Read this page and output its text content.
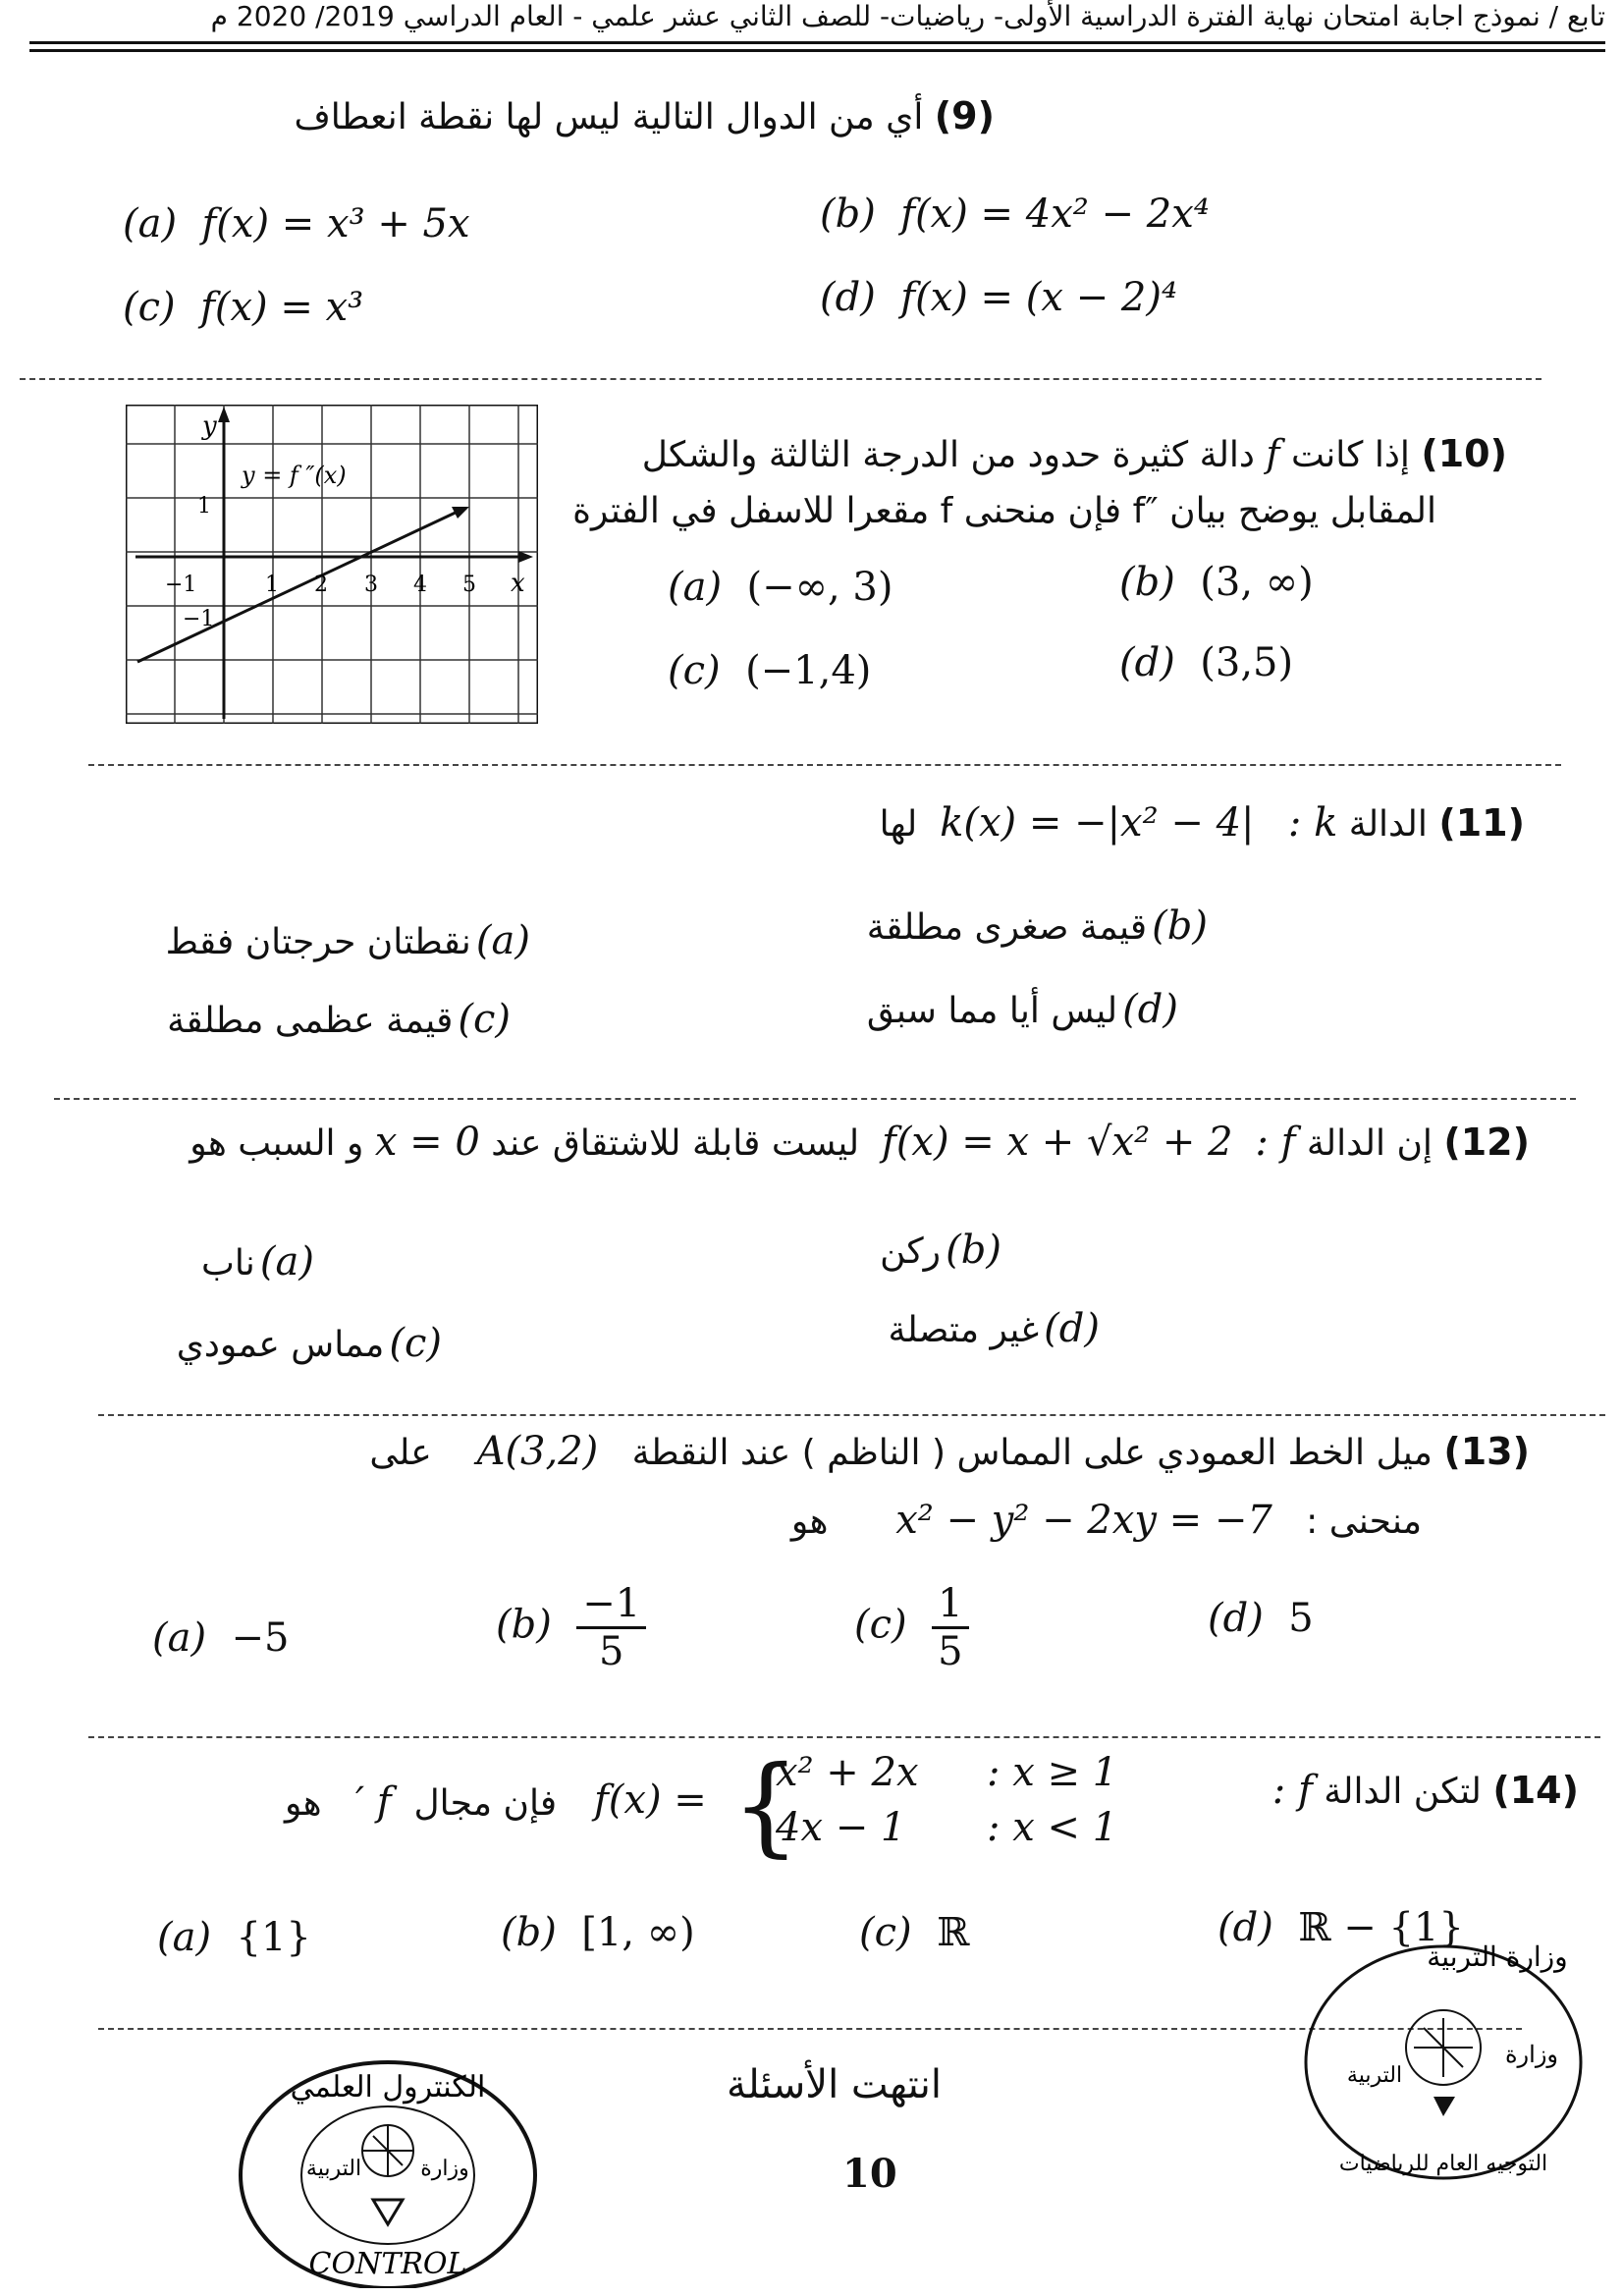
تابع / نموذج اجابة امتحان نهاية الفترة الدراسية الأولى- رياضيات- للصف الثاني عشر علمي - العام الدراسي 2019/ 2020 م
(9) أي من الدوال التالية ليس لها نقطة انعطاف
(a) f(x) = x³ + 5x	(b) f(x) = 4x² − 2x⁴
(c) f(x) = x³	(d) f(x) = (x − 2)⁴
y
x
y = f ″(x)
−1	1 2 3 4 5
1
−1
(10) إذا كانت f دالة كثيرة حدود من الدرجة الثالثة والشكل
المقابل يوضح بيان ″f فإن منحنى f مقعرا للاسفل في الفترة
(a) (−∞, 3)	(b) (3, ∞)
(c) (−1,4)	(d) (3,5)
(11) الدالة k :   k(x) = −|x² − 4|  لها
(a) نقطتان حرجتان فقط	(b) قيمة صغرى مطلقة
(c) قيمة عظمى مطلقة	(d) ليس أيا مما سبق
(12) إن الدالة f :  f(x) = x + √x² + 2  ليست قابلة للاشتقاق عند x = 0 و السبب هو
(a) ناب	(b) ركن
(c) مماس عمودي	(d) غير متصلة
(13) ميل الخط العمودي على المماس ( الناظم ) عند النقطة   A(3,2)    على
منحنى :   x² − y² − 2xy = −7      هو
(a) −5	$(b) \frac{-1}{5}$	$(c) \frac{1}{5}$	(d) 5
(14) لتكن الدالة f :
f(x) = {
x² + 2x : x ≥ 1
4x − 1 : x < 1
فإن مجال  f ′   هو
(a) {1}	(b) [1, ∞)	(c) ℝ	(d) ℝ − {1}
انتهت الأسئلة
10
الكنترول العلمي
التربية	وزارة
CONTROL
وزارة التربية
وزارة
التربية
التوجيه العام للرياضيات
